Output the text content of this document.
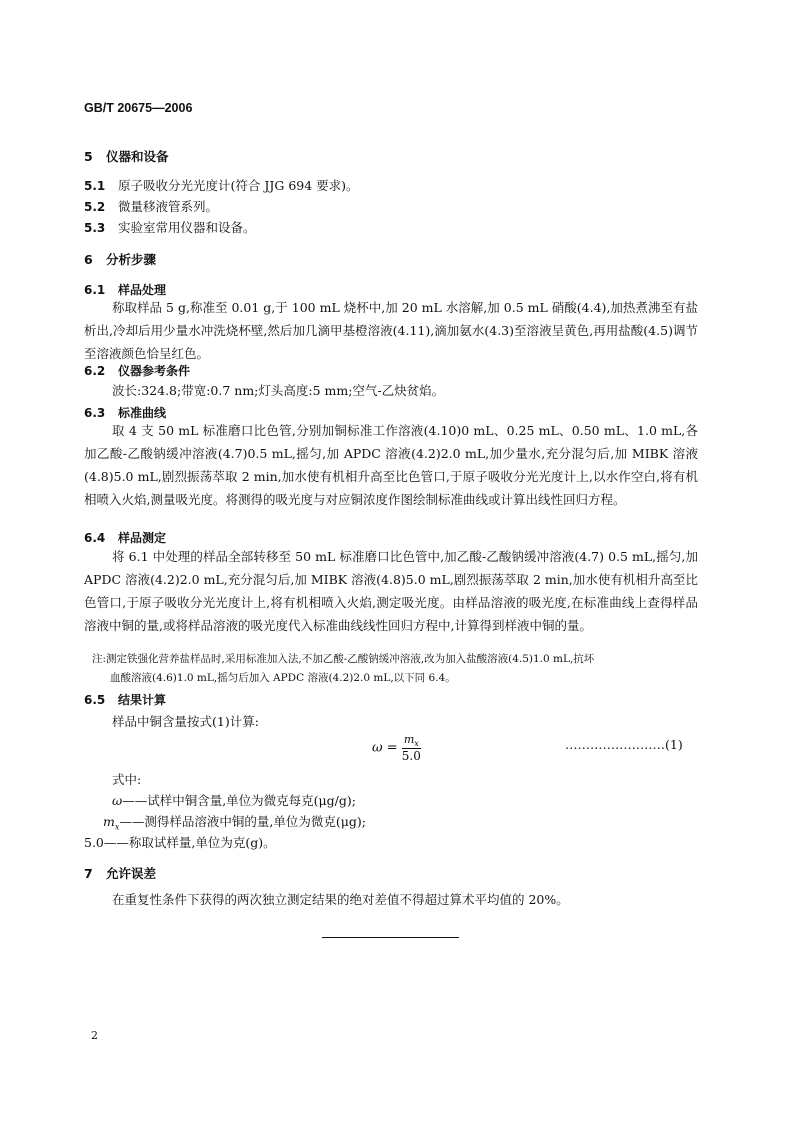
GB/T 20675—2006
5 仪器和设备
5.1 原子吸收分光光度计(符合 JJG 694 要求)。
5.2 微量移液管系列。
5.3 实验室常用仪器和设备。
6 分析步骤
6.1 样品处理
称取样品 5 g,称准至 0.01 g,于 100 mL 烧杯中,加 20 mL 水溶解,加 0.5 mL 硝酸(4.4),加热煮沸至有盐析出,冷却后用少量水冲洗烧杯壁,然后加几滴甲基橙溶液(4.11),滴加氨水(4.3)至溶液呈黄色,再用盐酸(4.5)调节至溶液颜色恰呈红色。
6.2 仪器参考条件
波长:324.8;带宽:0.7 nm;灯头高度:5 mm;空气-乙炔贫焰。
6.3 标准曲线
取 4 支 50 mL 标准磨口比色管,分别加铜标准工作溶液(4.10)0 mL、0.25 mL、0.50 mL、1.0 mL,各加乙酸-乙酸钠缓冲溶液(4.7)0.5 mL,摇匀,加 APDC 溶液(4.2)2.0 mL,加少量水,充分混匀后,加 MIBK 溶液(4.8)5.0 mL,剧烈振荡萃取 2 min,加水使有机相升高至比色管口,于原子吸收分光光度计上,以水作空白,将有机相喷入火焰,测量吸光度。将测得的吸光度与对应铜浓度作图绘制标准曲线或计算出线性回归方程。
6.4 样品测定
将 6.1 中处理的样品全部转移至 50 mL 标准磨口比色管中,加乙酸-乙酸钠缓冲溶液(4.7) 0.5 mL,摇匀,加 APDC 溶液(4.2)2.0 mL,充分混匀后,加 MIBK 溶液(4.8)5.0 mL,剧烈振荡萃取 2 min,加水使有机相升高至比色管口,于原子吸收分光光度计上,将有机相喷入火焰,测定吸光度。由样品溶液的吸光度,在标准曲线上查得样品溶液中铜的量,或将样品溶液的吸光度代入标准曲线线性回归方程中,计算得到样液中铜的量。
注:测定铁强化营养盐样品时,采用标准加入法,不加乙酸-乙酸钠缓冲溶液,改为加入盐酸溶液(4.5)1.0 mL,抗坏
血酸溶液(4.6)1.0 mL,摇匀后加入 APDC 溶液(4.2)2.0 mL,以下同 6.4。
6.5 结果计算
样品中铜含量按式(1)计算:
$\omega = \frac{m_x}{5.0}$	……………………(1)
式中:
ω——试样中铜含量,单位为微克每克(μg/g);
$m_x——$测得样品溶液中铜的量,单位为微克(μg);
5.0——称取试样量,单位为克(g)。
7 允许误差
在重复性条件下获得的两次独立测定结果的绝对差值不得超过算术平均值的 20%。
2
